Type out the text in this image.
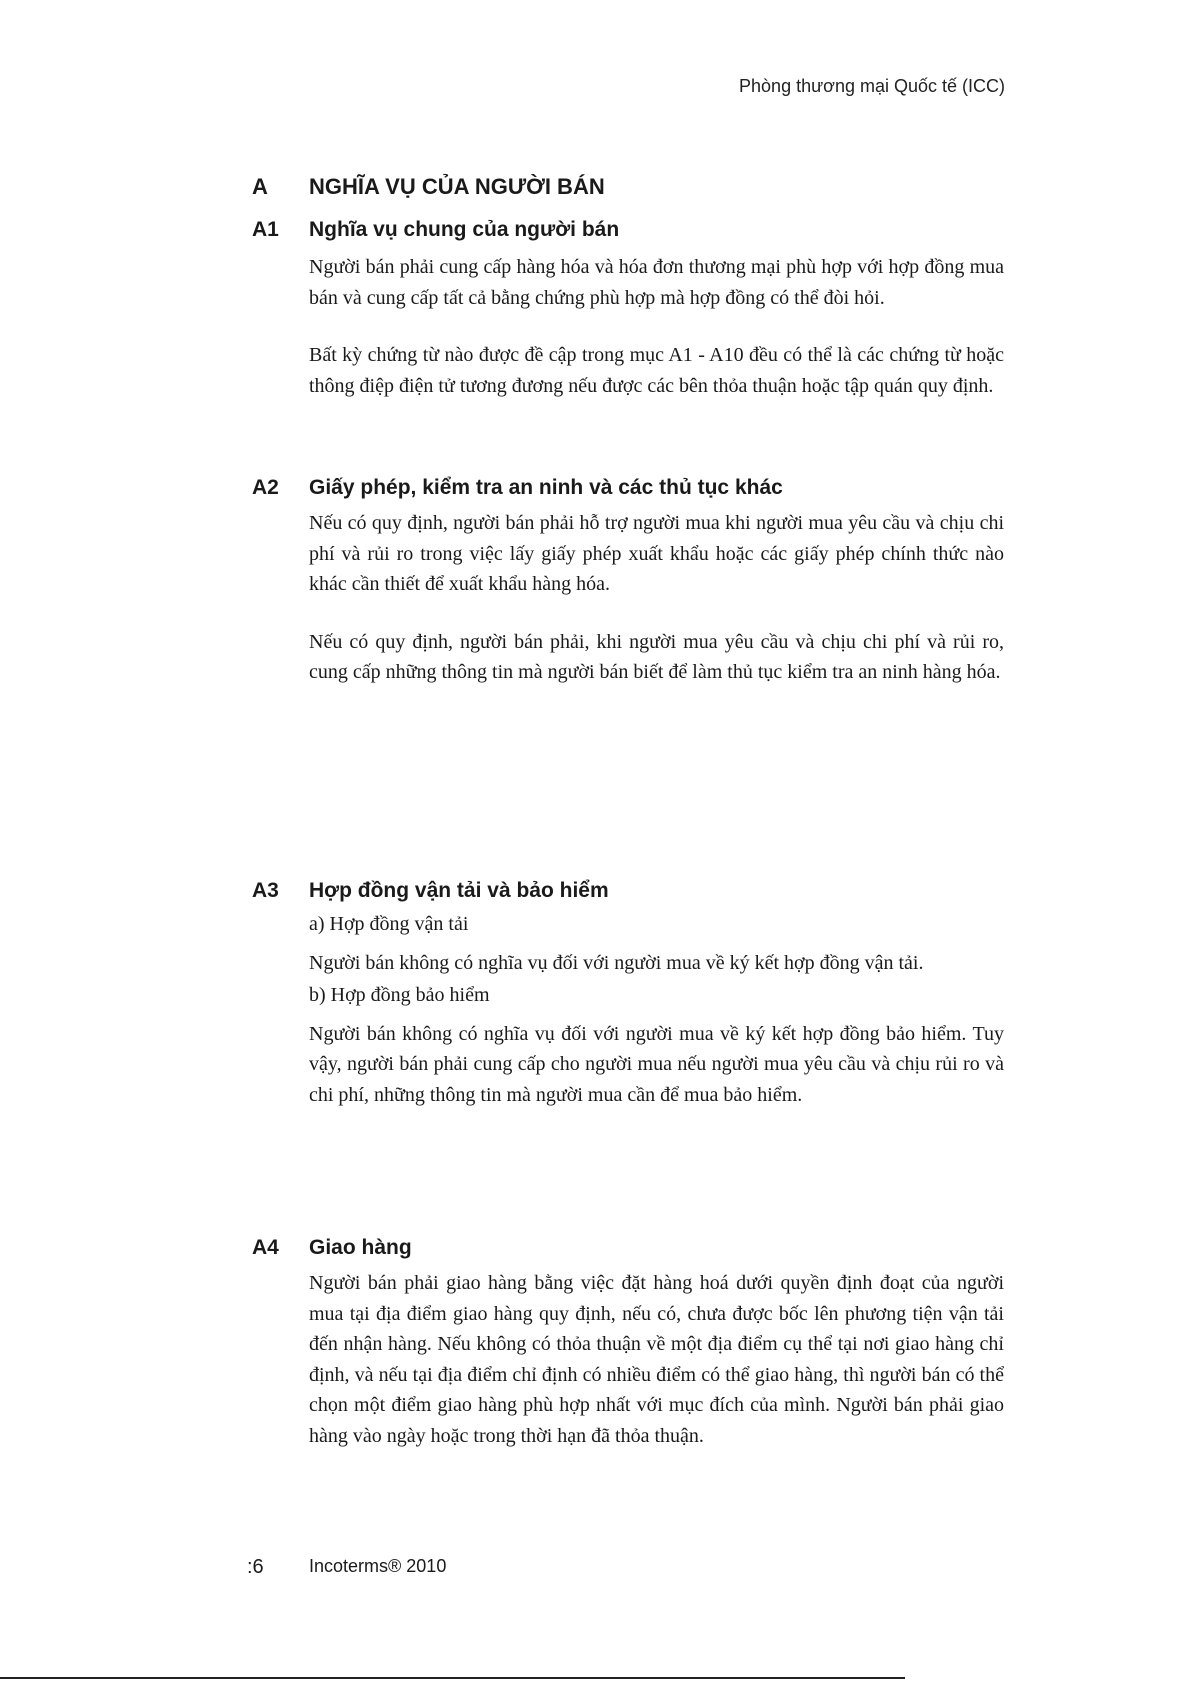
Phòng thương mại Quốc tế (ICC)
A	NGHĨA VỤ CỦA NGƯỜI BÁN
A1	Nghĩa vụ chung của người bán

Người bán phải cung cấp hàng hóa và hóa đơn thương mại phù hợp với hợp đồng mua bán và cung cấp tất cả bằng chứng phù hợp mà hợp đồng có thể đòi hỏi.

Bất kỳ chứng từ nào được đề cập trong mục A1 - A10 đều có thể là các chứng từ hoặc thông điệp điện tử tương đương nếu được các bên thỏa thuận hoặc tập quán quy định.

A2	Giấy phép, kiểm tra an ninh và các thủ tục khác

Nếu có quy định, người bán phải hỗ trợ người mua khi người mua yêu cầu và chịu chi phí và rủi ro trong việc lấy giấy phép xuất khẩu hoặc các giấy phép chính thức nào khác cần thiết để xuất khẩu hàng hóa.

Nếu có quy định, người bán phải, khi người mua yêu cầu và chịu chi phí và rủi ro, cung cấp những thông tin mà người bán biết để làm thủ tục kiểm tra an ninh hàng hóa.

A3	Hợp đồng vận tải và bảo hiểm

a) Hợp đồng vận tải

Người bán không có nghĩa vụ đối với người mua về ký kết hợp đồng vận tải.

b) Hợp đồng bảo hiểm

Người bán không có nghĩa vụ đối với người mua về ký kết hợp đồng bảo hiểm. Tuy vậy, người bán phải cung cấp cho người mua nếu người mua yêu cầu và chịu rủi ro và chi phí, những thông tin mà người mua cần để mua bảo hiểm.

A4	Giao hàng

Người bán phải giao hàng bằng việc đặt hàng hoá dưới quyền định đoạt của người mua tại địa điểm giao hàng quy định, nếu có, chưa được bốc lên phương tiện vận tải đến nhận hàng. Nếu không có thỏa thuận về một địa điểm cụ thể tại nơi giao hàng chỉ định, và nếu tại địa điểm chỉ định có nhiều điểm có thể giao hàng, thì người bán có thể chọn một điểm giao hàng phù hợp nhất với mục đích của mình. Người bán phải giao hàng vào ngày hoặc trong thời hạn đã thỏa thuận.

:6	Incoterms® 2010
